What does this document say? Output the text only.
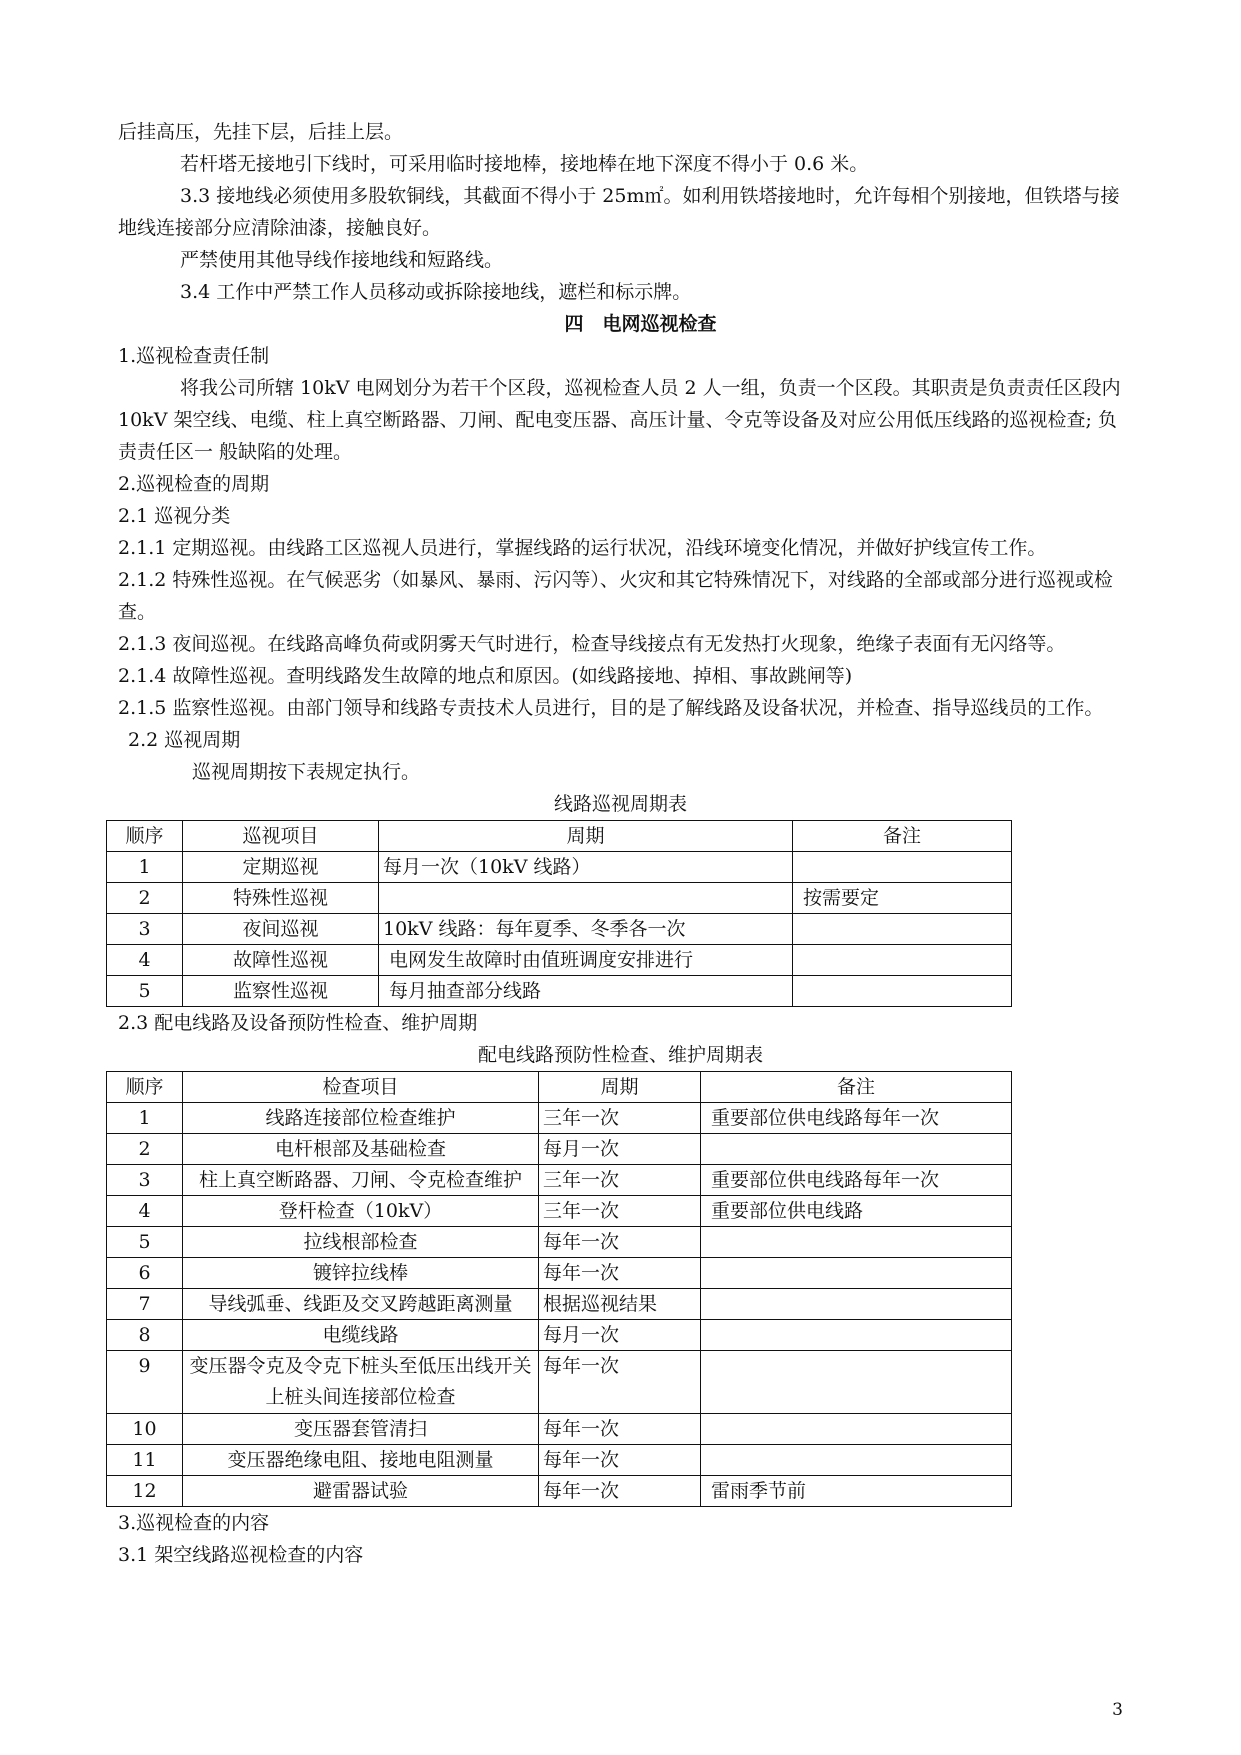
后挂高压，先挂下层，后挂上层。

若杆塔无接地引下线时，可采用临时接地棒，接地棒在地下深度不得小于 0.6 米。

3.3 接地线必须使用多股软铜线，其截面不得小于 25m㎡。如利用铁塔接地时，允许每相个别接地，但铁塔与接地线连接部分应清除油漆，接触良好。

严禁使用其他导线作接地线和短路线。

3.4 工作中严禁工作人员移动或拆除接地线，遮栏和标示牌。

四　电网巡视检查

1.巡视检查责任制

将我公司所辖 10kV 电网划分为若干个区段，巡视检查人员 2 人一组，负责一个区段。其职责是负责责任区段内 10kV 架空线、电缆、柱上真空断路器、刀闸、配电变压器、高压计量、令克等设备及对应公用低压线路的巡视检查; 负责责任区一 般缺陷的处理。

2.巡视检查的周期

2.1 巡视分类

2.1.1 定期巡视。由线路工区巡视人员进行，掌握线路的运行状况，沿线环境变化情况，并做好护线宣传工作。

2.1.2 特殊性巡视。在气候恶劣（如暴风、暴雨、污闪等）、火灾和其它特殊情况下，对线路的全部或部分进行巡视或检查。

2.1.3 夜间巡视。在线路高峰负荷或阴雾天气时进行，检查导线接点有无发热打火现象，绝缘子表面有无闪络等。

2.1.4 故障性巡视。查明线路发生故障的地点和原因。(如线路接地、掉相、事故跳闸等)

2.1.5 监察性巡视。由部门领导和线路专责技术人员进行，目的是了解线路及设备状况，并检查、指导巡线员的工作。

2.2 巡视周期

巡视周期按下表规定执行。

线路巡视周期表

顺序	巡视项目	周期	备注
1	定期巡视	每月一次（10kV 线路）	
2	特殊性巡视		按需要定
3	夜间巡视	10kV 线路：每年夏季、冬季各一次	
4	故障性巡视	电网发生故障时由值班调度安排进行	
5	监察性巡视	每月抽查部分线路	

2.3 配电线路及设备预防性检查、维护周期

配电线路预防性检查、维护周期表

顺序	检查项目	周期	备注
1	线路连接部位检查维护	三年一次	重要部位供电线路每年一次
2	电杆根部及基础检查	每月一次	
3	柱上真空断路器、刀闸、令克检查维护	三年一次	重要部位供电线路每年一次
4	登杆检查（10kV）	三年一次	重要部位供电线路
5	拉线根部检查	每年一次	
6	镀锌拉线棒	每年一次	
7	导线弧垂、线距及交叉跨越距离测量	根据巡视结果	
8	电缆线路	每月一次	
9	变压器令克及令克下桩头至低压出线开关上桩头间连接部位检查	每年一次	
10	变压器套管清扫	每年一次	
11	变压器绝缘电阻、接地电阻测量	每年一次	
12	避雷器试验	每年一次	雷雨季节前

3.巡视检查的内容

3.1 架空线路巡视检查的内容

3
